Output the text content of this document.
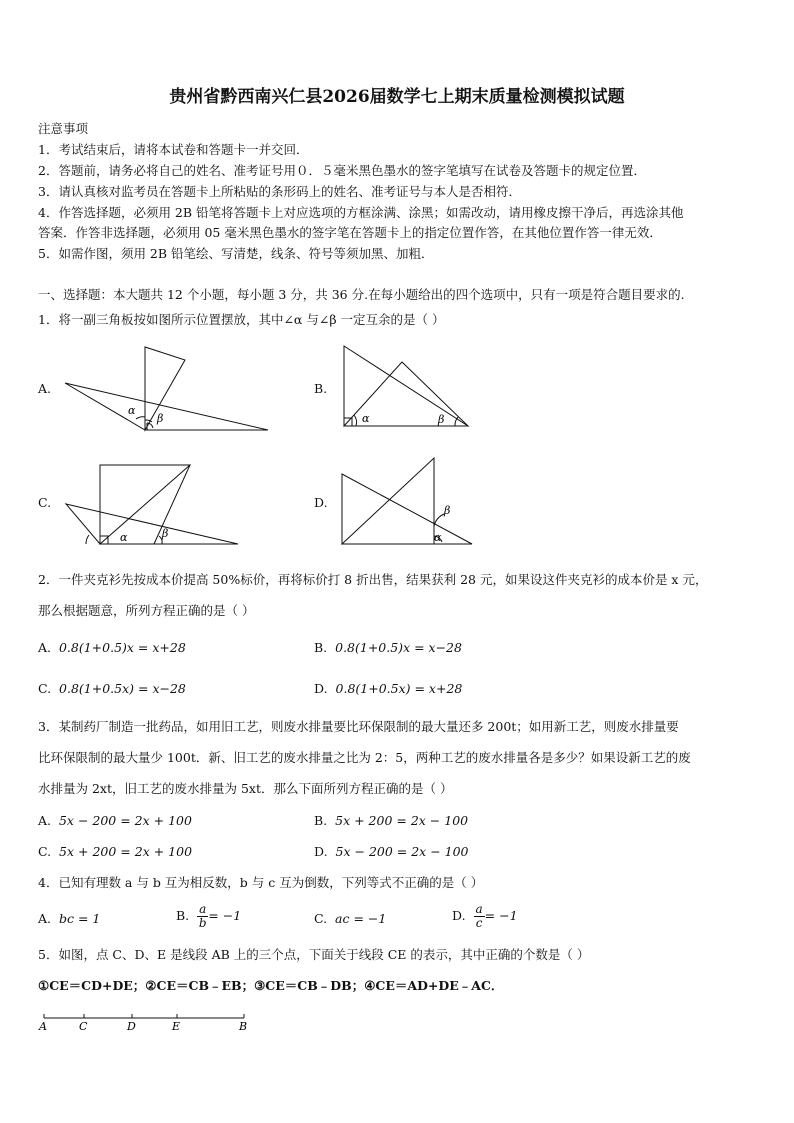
贵州省黔西南兴仁县2026届数学七上期末质量检测模拟试题
注意事项
1．考试结束后，请将本试卷和答题卡一并交回．
2．答题前，请务必将自己的姓名、准考证号用０．５毫米黑色墨水的签字笔填写在试卷及答题卡的规定位置．
3．请认真核对监考员在答题卡上所粘贴的条形码上的姓名、准考证号与本人是否相符．
4．作答选择题，必须用 2B 铅笔将答题卡上对应选项的方框涂满、涂黑；如需改动，请用橡皮擦干净后，再选涂其他
答案．作答非选择题，必须用 05 毫米黑色墨水的签字笔在答题卡上的指定位置作答，在其他位置作答一律无效．
5．如需作图，须用 2B 铅笔绘、写清楚，线条、符号等须加黑、加粗．
一、选择题：本大题共 12 个小题，每小题 3 分，共 36 分.在每小题给出的四个选项中，只有一项是符合题目要求的.
1．将一副三角板按如图所示位置摆放，其中∠α 与∠β 一定互余的是（ ）
A.
α
β
B.
α	β
C.
α	β
D.
α
β
2．一件夹克衫先按成本价提高 50%标价，再将标价打 8 折出售，结果获利 28 元，如果设这件夹克衫的成本价是 x 元，
那么根据题意，所列方程正确的是（ ）
A. 0.8(1+0.5)x = x+28	B. 0.8(1+0.5)x = x−28
C. 0.8(1+0.5x) = x−28	D. 0.8(1+0.5x) = x+28
3．某制药厂制造一批药品，如用旧工艺，则废水排量要比环保限制的最大量还多 200t；如用新工艺，则废水排量要
比环保限制的最大量少 100t．新、旧工艺的废水排量之比为 2：5，两种工艺的废水排量各是多少？如果设新工艺的废
水排量为 2xt，旧工艺的废水排量为 5xt．那么下面所列方程正确的是（ ）
A. 5x − 200 = 2x + 100	B. 5x + 200 = 2x − 100
C. 5x + 200 = 2x + 100	D. 5x − 200 = 2x − 100
4．已知有理数 a 与 b 互为相反数，b 与 c 互为倒数，下列等式不正确的是（ ）
A. bc = 1	B. $\frac{a}{b} = -1$	C. ac = −1	D. $\frac{a}{c} = -1$
5．如图，点 C、D、E 是线段 AB 上的三个点，下面关于线段 CE 的表示，其中正确的个数是（ ）
①CE＝CD+DE；②CE＝CB﹣EB；③CE＝CB﹣DB；④CE＝AD+DE﹣AC．
A	C	D	E	B
